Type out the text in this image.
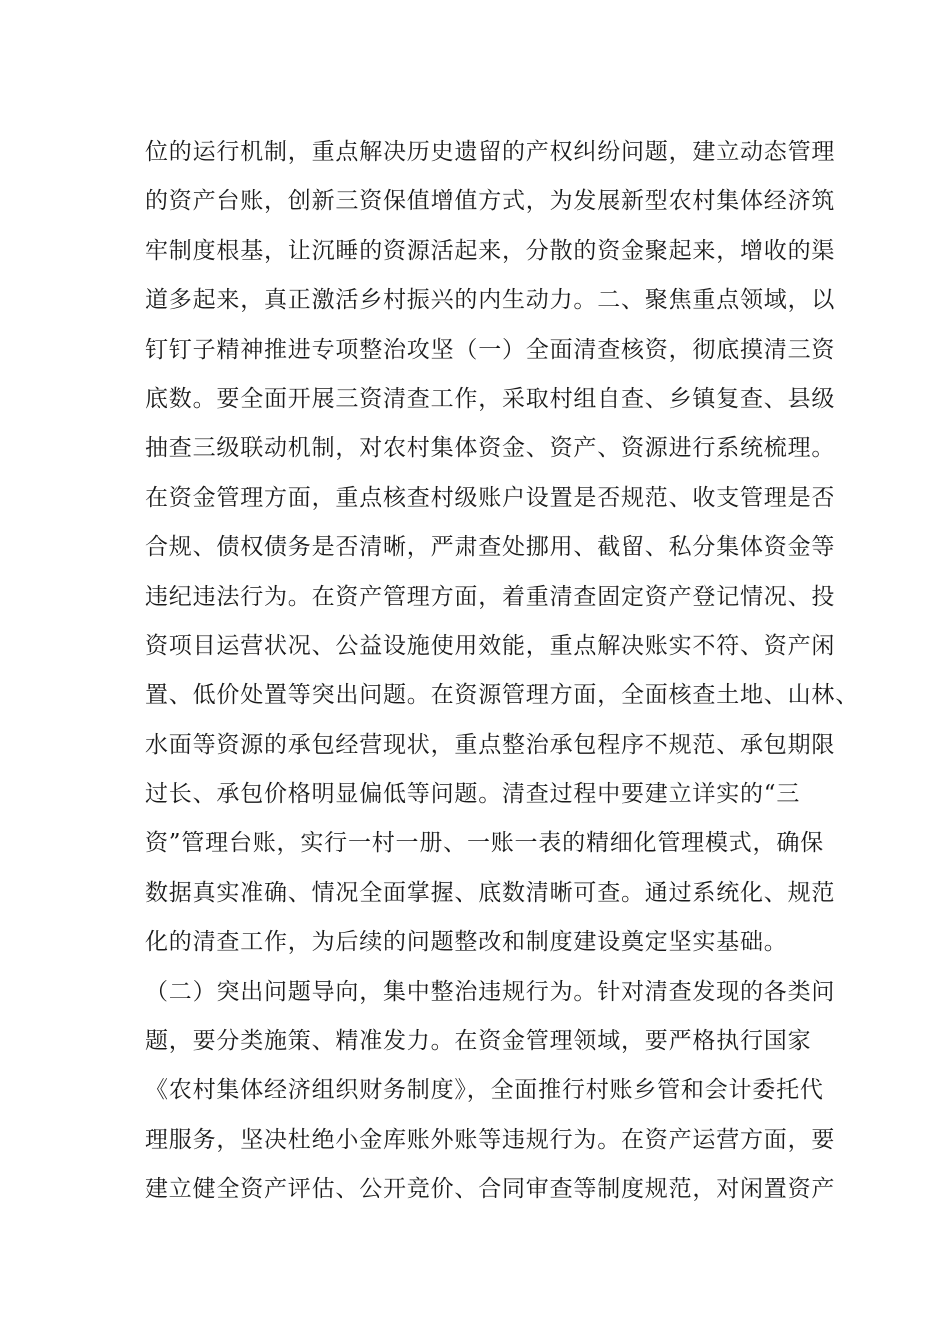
位的运行机制，重点解决历史遗留的产权纠纷问题，建立动态管理
的资产台账，创新三资保值增值方式，为发展新型农村集体经济筑
牢制度根基，让沉睡的资源活起来，分散的资金聚起来，增收的渠
道多起来，真正激活乡村振兴的内生动力。二、聚焦重点领域，以
钉钉子精神推进专项整治攻坚（一）全面清查核资，彻底摸清三资
底数。要全面开展三资清查工作，采取村组自查、乡镇复查、县级
抽查三级联动机制，对农村集体资金、资产、资源进行系统梳理。
在资金管理方面，重点核查村级账户设置是否规范、收支管理是否
合规、债权债务是否清晰，严肃查处挪用、截留、私分集体资金等
违纪违法行为。在资产管理方面，着重清查固定资产登记情况、投
资项目运营状况、公益设施使用效能，重点解决账实不符、资产闲
置、低价处置等突出问题。在资源管理方面，全面核查土地、山林、
水面等资源的承包经营现状，重点整治承包程序不规范、承包期限
过长、承包价格明显偏低等问题。清查过程中要建立详实的“三
资”管理台账，实行一村一册、一账一表的精细化管理模式，确保
数据真实准确、情况全面掌握、底数清晰可查。通过系统化、规范
化的清查工作，为后续的问题整改和制度建设奠定坚实基础。
（二）突出问题导向，集中整治违规行为。针对清查发现的各类问
题，要分类施策、精准发力。在资金管理领域，要严格执行国家
《农村集体经济组织财务制度》，全面推行村账乡管和会计委托代
理服务，坚决杜绝小金库账外账等违规行为。在资产运营方面，要
建立健全资产评估、公开竞价、合同审查等制度规范，对闲置资产
